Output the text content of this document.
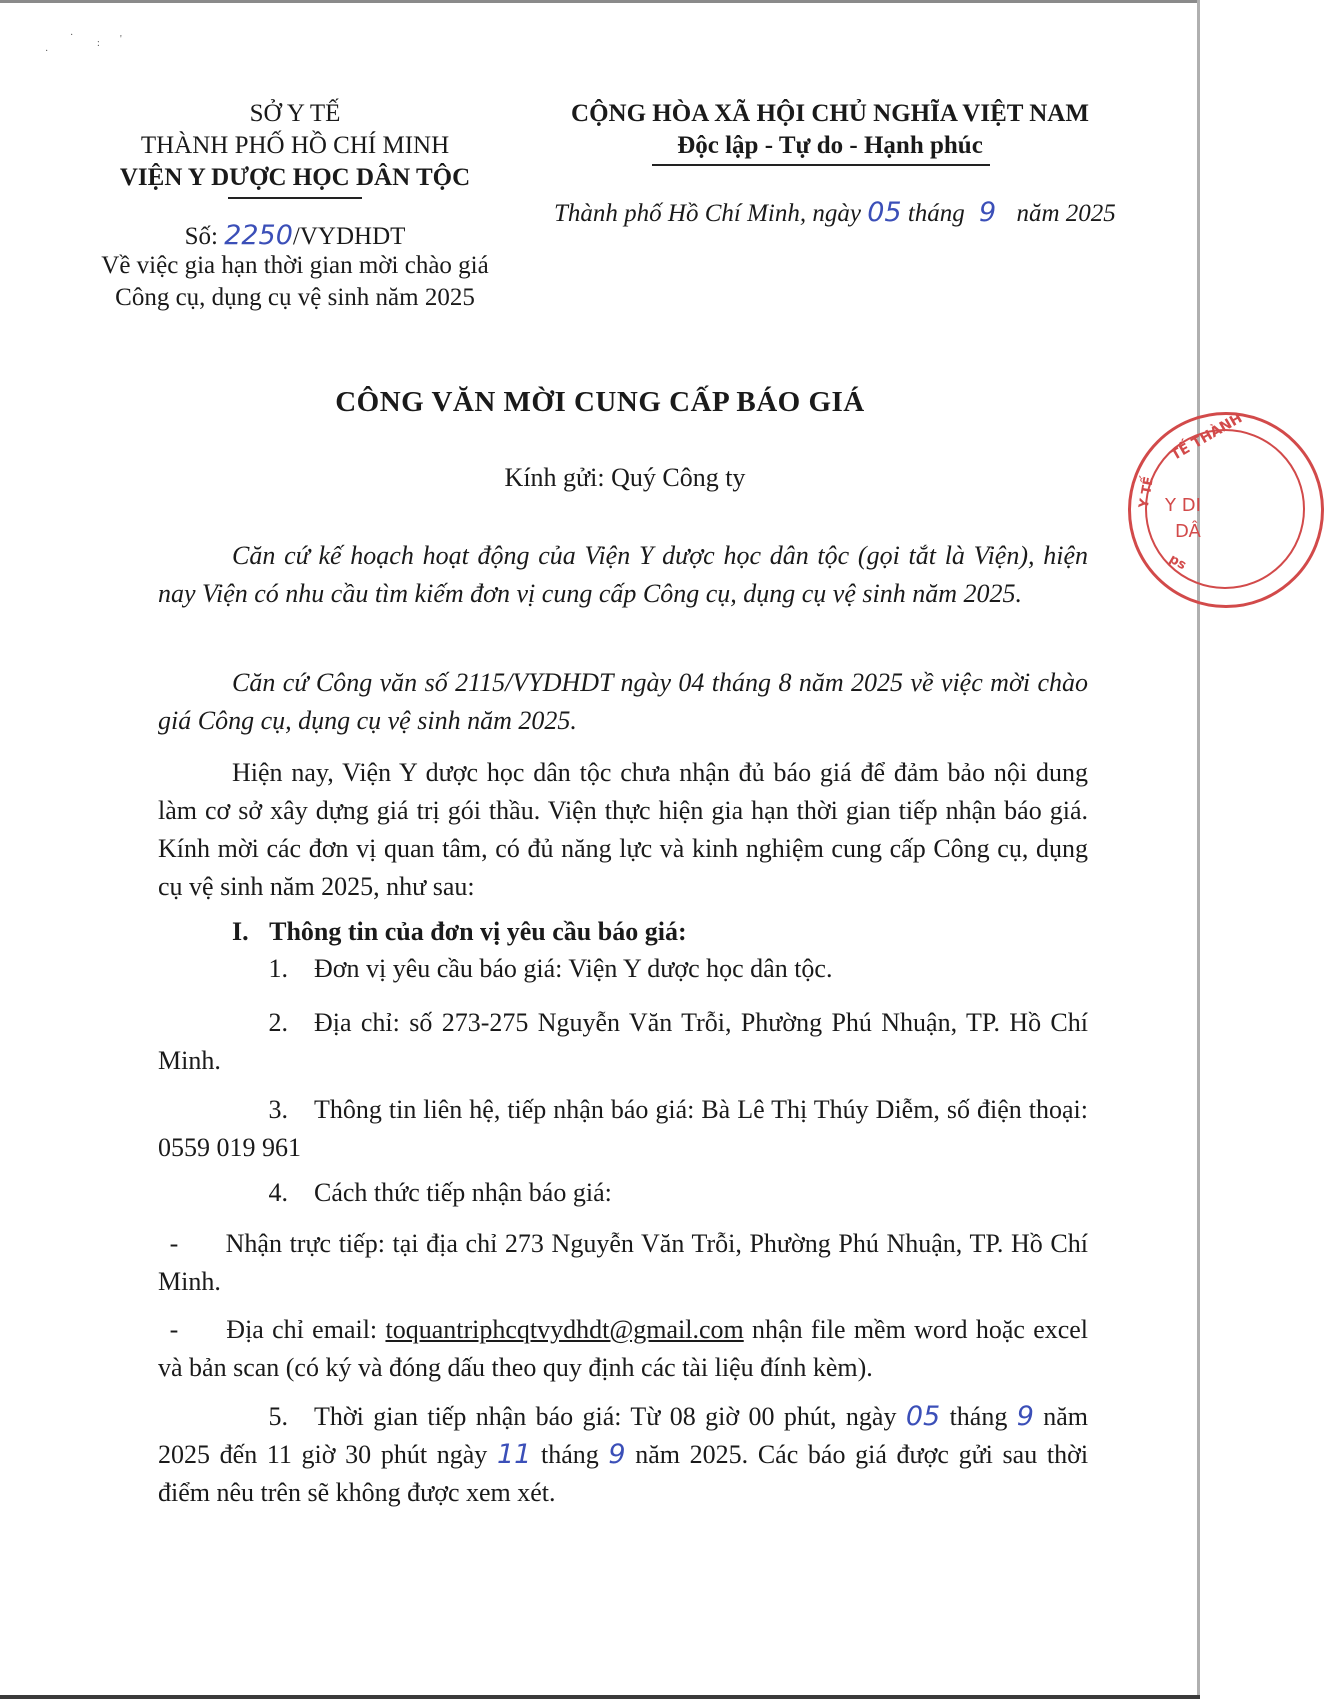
·
·
: '
SỞ Y TẾ
THÀNH PHỐ HỒ CHÍ MINH
VIỆN Y DƯỢC HỌC DÂN TỘC
CỘNG HÒA XÃ HỘI CHỦ NGHĨA VIỆT NAM
Độc lập - Tự do - Hạnh phúc
Thành phố Hồ Chí Minh, ngày 05 tháng 9 năm 2025
Số: 2250/VYDHDT
Về việc gia hạn thời gian mời chào giá
Công cụ, dụng cụ vệ sinh năm 2025
CÔNG VĂN MỜI CUNG CẤP BÁO GIÁ
Kính gửi: Quý Công ty
Căn cứ kế hoạch hoạt động của Viện Y dược học dân tộc (gọi tắt là Viện), hiện nay Viện có nhu cầu tìm kiếm đơn vị cung cấp Công cụ, dụng cụ vệ sinh năm 2025.
Căn cứ Công văn số 2115/VYDHDT ngày 04 tháng 8 năm 2025 về việc mời chào giá Công cụ, dụng cụ vệ sinh năm 2025.
Hiện nay, Viện Y dược học dân tộc chưa nhận đủ báo giá để đảm bảo nội dung làm cơ sở xây dựng giá trị gói thầu. Viện thực hiện gia hạn thời gian tiếp nhận báo giá. Kính mời các đơn vị quan tâm, có đủ năng lực và kinh nghiệm cung cấp Công cụ, dụng cụ vệ sinh năm 2025, như sau:
I. Thông tin của đơn vị yêu cầu báo giá:
1. Đơn vị yêu cầu báo giá: Viện Y dược học dân tộc.
2. Địa chỉ: số 273-275 Nguyễn Văn Trỗi, Phường Phú Nhuận, TP. Hồ Chí Minh.
3. Thông tin liên hệ, tiếp nhận báo giá: Bà Lê Thị Thúy Diễm, số điện thoại: 0559 019 961
4. Cách thức tiếp nhận báo giá:
- Nhận trực tiếp: tại địa chỉ 273 Nguyễn Văn Trỗi, Phường Phú Nhuận, TP. Hồ Chí Minh.
- Địa chỉ email: toquantriphcqtvydhdt@gmail.com nhận file mềm word hoặc excel và bản scan (có ký và đóng dấu theo quy định các tài liệu đính kèm).
5. Thời gian tiếp nhận báo giá: Từ 08 giờ 00 phút, ngày 05 tháng 9 năm 2025 đến 11 giờ 30 phút ngày 11 tháng 9 năm 2025. Các báo giá được gửi sau thời điểm nêu trên sẽ không được xem xét.
TẾ THÀNH
Y TẾ Y DI
DÂ
ps
